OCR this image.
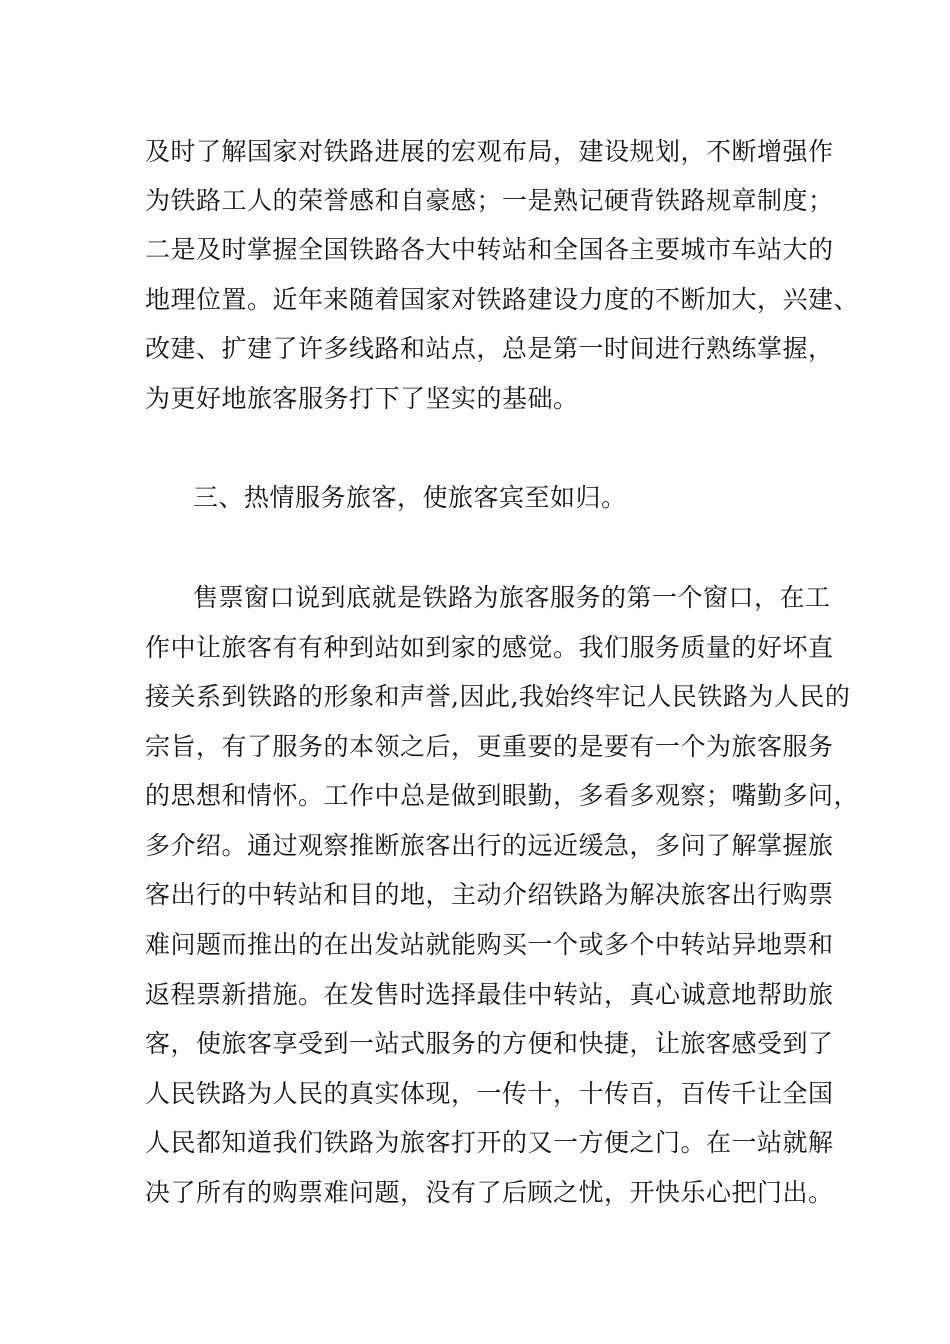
及时了解国家对铁路进展的宏观布局，建设规划，不断增强作
为铁路工人的荣誉感和自豪感；一是熟记硬背铁路规章制度；
二是及时掌握全国铁路各大中转站和全国各主要城市车站大的
地理位置。近年来随着国家对铁路建设力度的不断加大，兴建、
改建、扩建了许多线路和站点，总是第一时间进行熟练掌握，
为更好地旅客服务打下了坚实的基础。
三、热情服务旅客，使旅客宾至如归。
售票窗口说到底就是铁路为旅客服务的第一个窗口，在工
作中让旅客有有种到站如到家的感觉。我们服务质量的好坏直
接关系到铁路的形象和声誉,因此,我始终牢记人民铁路为人民的
宗旨，有了服务的本领之后，更重要的是要有一个为旅客服务
的思想和情怀。工作中总是做到眼勤，多看多观察；嘴勤多问，
多介绍。通过观察推断旅客出行的远近缓急，多问了解掌握旅
客出行的中转站和目的地，主动介绍铁路为解决旅客出行购票
难问题而推出的在出发站就能购买一个或多个中转站异地票和
返程票新措施。在发售时选择最佳中转站，真心诚意地帮助旅
客，使旅客享受到一站式服务的方便和快捷，让旅客感受到了
人民铁路为人民的真实体现，一传十，十传百，百传千让全国
人民都知道我们铁路为旅客打开的又一方便之门。在一站就解
决了所有的购票难问题，没有了后顾之忧，开快乐心把门出。
